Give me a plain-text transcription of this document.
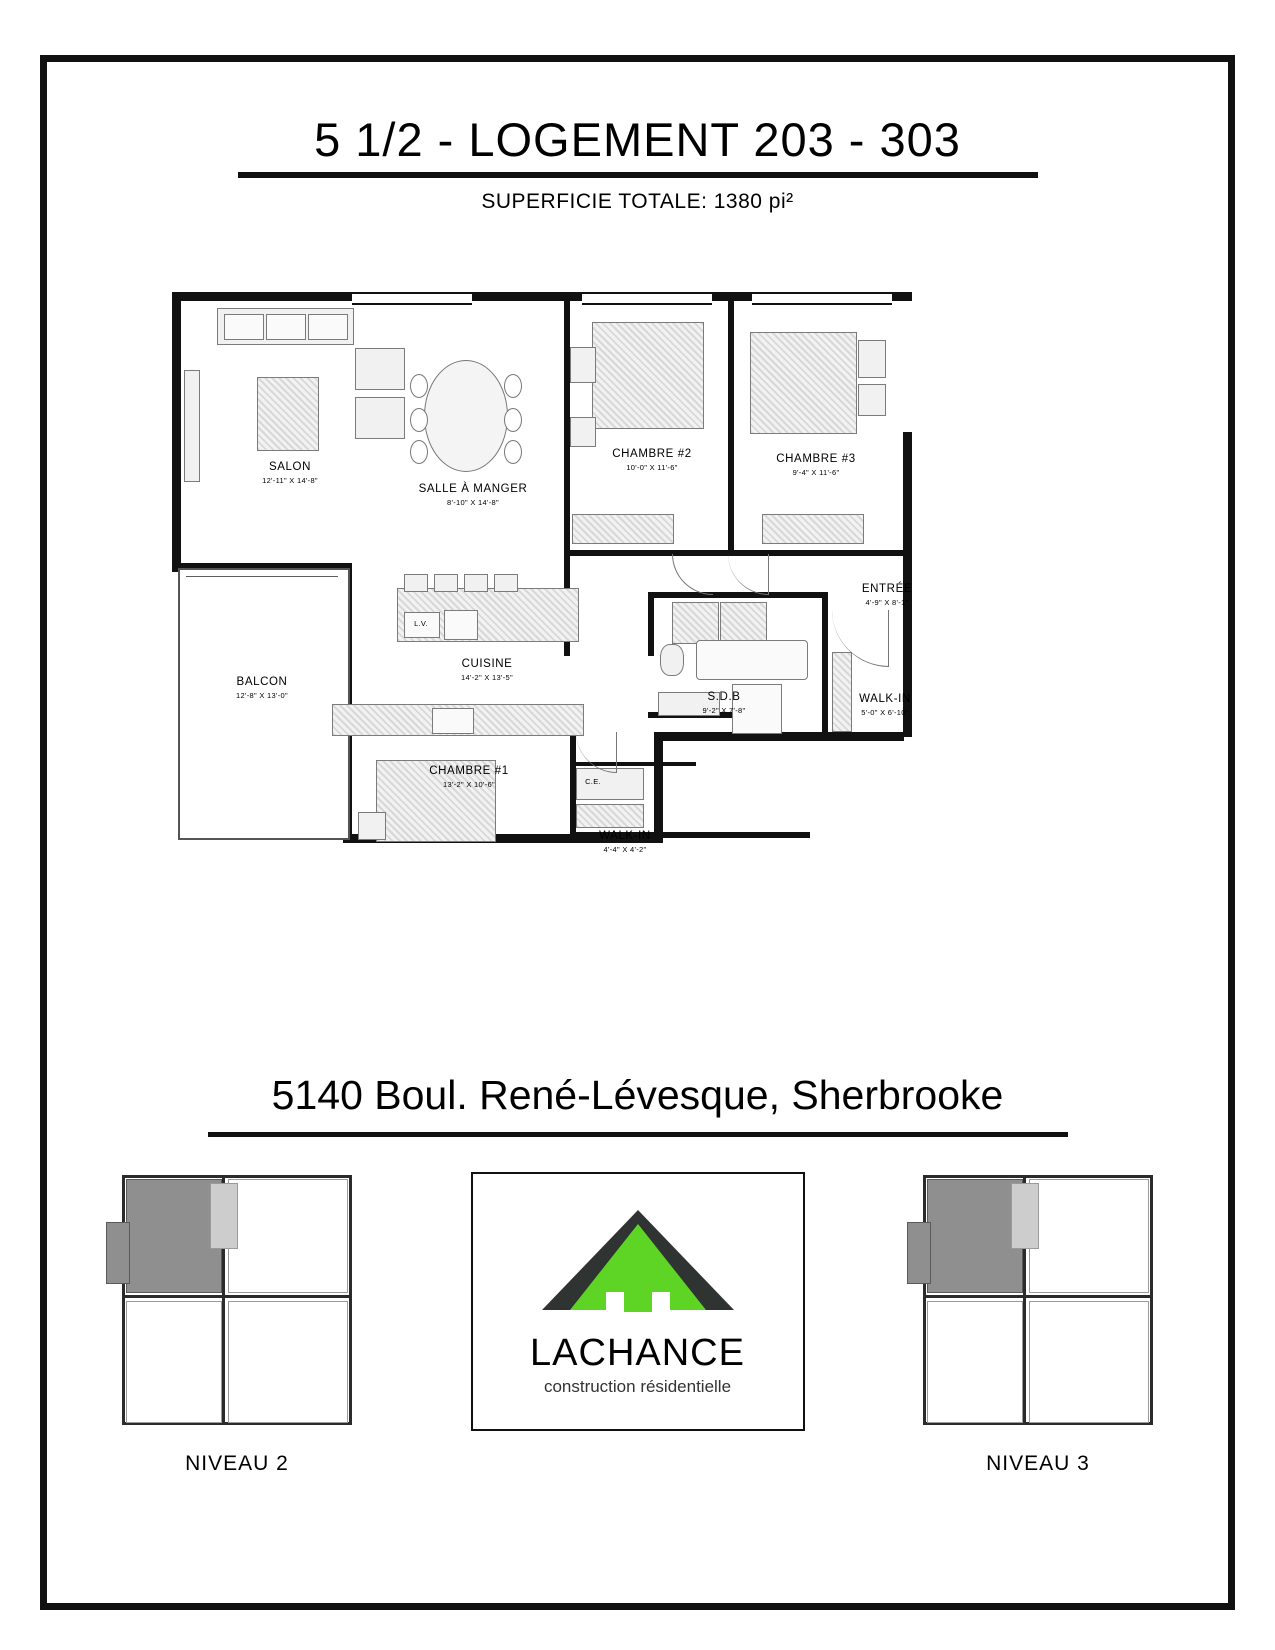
5 1/2 - LOGEMENT 203 - 303
SUPERFICIE TOTALE: 1380 pi²
SALON
12'-11" X 14'-8"
SALLE À MANGER
8'-10" X 14'-8"
CHAMBRE #2
10'-0" X 11'-6"
CHAMBRE #3
9'-4" X 11'-6"
BALCON
12'-8" X 13'-0"
CUISINE
14'-2" X 13'-5"
CHAMBRE #1
13'-2" X 10'-6"
ENTRÉE
4'-9" X 8'-1"
S.D.B
9'-2" X 7'-8"
WALK-IN
5'-0" X 6'-10"
WALK-IN
4'-4" X 4'-2"
L.V.
C.E.
5140 Boul. René-Lévesque, Sherbrooke
NIVEAU 2	NIVEAU 3
LACHANCE
construction résidentielle
